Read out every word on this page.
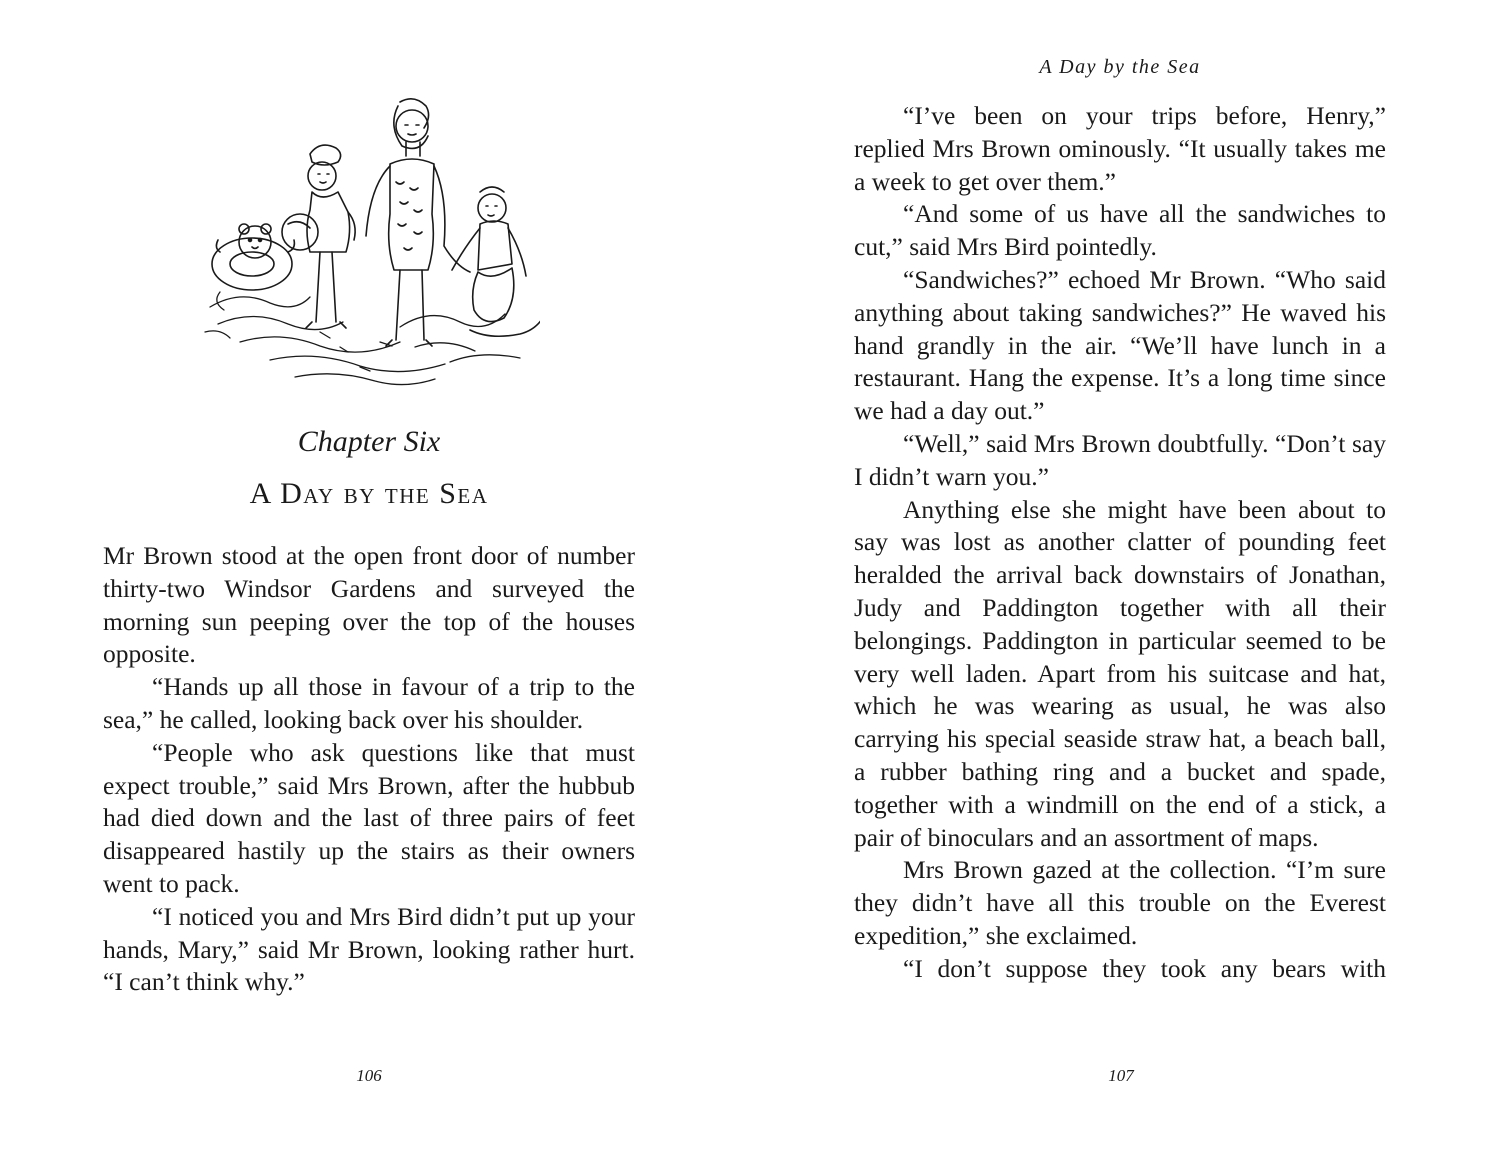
Chapter Six
A Day by the Sea

Mr Brown stood at the open front door of number thirty-two Windsor Gardens and surveyed the morning sun peeping over the top of the houses opposite.

“Hands up all those in favour of a trip to the sea,” he called, looking back over his shoulder.

“People who ask questions like that must expect trouble,” said Mrs Brown, after the hubbub had died down and the last of three pairs of feet disappeared hastily up the stairs as their owners went to pack.

“I noticed you and Mrs Bird didn’t put up your hands, Mary,” said Mr Brown, looking rather hurt. “I can’t think why.”

106
A Day by the Sea

“I’ve been on your trips before, Henry,” replied Mrs Brown ominously. “It usually takes me a week to get over them.”

“And some of us have all the sandwiches to cut,” said Mrs Bird pointedly.

“Sandwiches?” echoed Mr Brown. “Who said anything about taking sandwiches?” He waved his hand grandly in the air. “We’ll have lunch in a restaurant. Hang the expense. It’s a long time since we had a day out.”

“Well,” said Mrs Brown doubtfully. “Don’t say I didn’t warn you.”

Anything else she might have been about to say was lost as another clatter of pounding feet heralded the arrival back downstairs of Jonathan, Judy and Paddington together with all their belongings. Paddington in particular seemed to be very well laden. Apart from his suitcase and hat, which he was wearing as usual, he was also carrying his special seaside straw hat, a beach ball, a rubber bathing ring and a bucket and spade, together with a windmill on the end of a stick, a pair of binoculars and an assortment of maps.

Mrs Brown gazed at the collection. “I’m sure they didn’t have all this trouble on the Everest expedition,” she exclaimed.

“I don’t suppose they took any bears with

107
